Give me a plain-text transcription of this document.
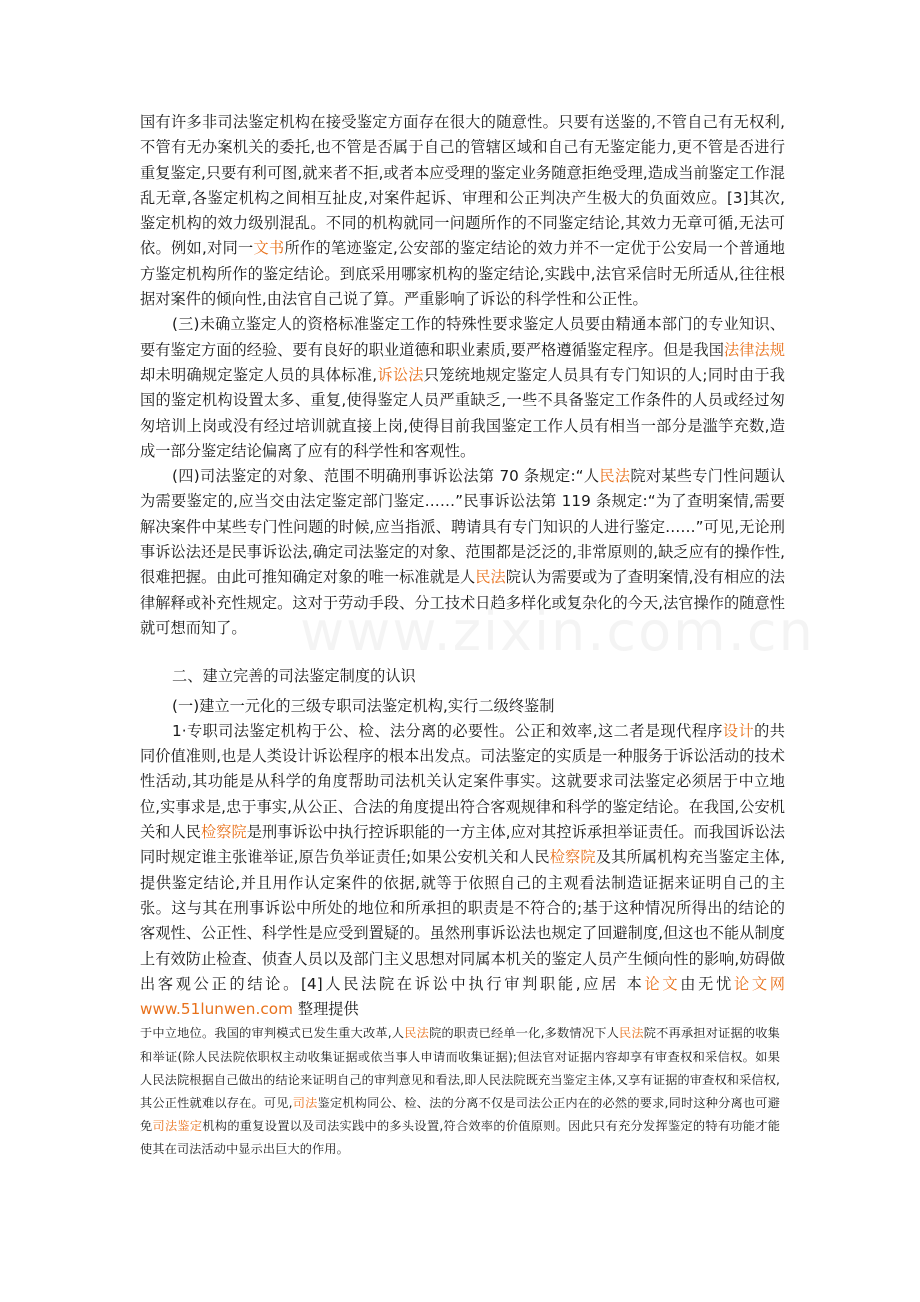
国有许多非司法鉴定机构在接受鉴定方面存在很大的随意性。只要有送鉴的,不管自己有无权利,不管有无办案机关的委托,也不管是否属于自己的管辖区域和自己有无鉴定能力,更不管是否进行重复鉴定,只要有利可图,就来者不拒,或者本应受理的鉴定业务随意拒绝受理,造成当前鉴定工作混乱无章,各鉴定机构之间相互扯皮,对案件起诉、审理和公正判决产生极大的负面效应。[3]其次,鉴定机构的效力级别混乱。不同的机构就同一问题所作的不同鉴定结论,其效力无章可循,无法可依。例如,对同一文书所作的笔迹鉴定,公安部的鉴定结论的效力并不一定优于公安局一个普通地方鉴定机构所作的鉴定结论。到底采用哪家机构的鉴定结论,实践中,法官采信时无所适从,往往根据对案件的倾向性,由法官自己说了算。严重影响了诉讼的科学性和公正性。

(三)未确立鉴定人的资格标准鉴定工作的特殊性要求鉴定人员要由精通本部门的专业知识、要有鉴定方面的经验、要有良好的职业道德和职业素质,要严格遵循鉴定程序。但是我国法律法规却未明确规定鉴定人员的具体标准,诉讼法只笼统地规定鉴定人员具有专门知识的人;同时由于我国的鉴定机构设置太多、重复,使得鉴定人员严重缺乏,一些不具备鉴定工作条件的人员或经过匆匆培训上岗或没有经过培训就直接上岗,使得目前我国鉴定工作人员有相当一部分是滥竽充数,造成一部分鉴定结论偏离了应有的科学性和客观性。

(四)司法鉴定的对象、范围不明确刑事诉讼法第 70 条规定:“人民法院对某些专门性问题认为需要鉴定的,应当交由法定鉴定部门鉴定……”民事诉讼法第 119 条规定:“为了查明案情,需要解决案件中某些专门性问题的时候,应当指派、聘请具有专门知识的人进行鉴定……”可见,无论刑事诉讼法还是民事诉讼法,确定司法鉴定的对象、范围都是泛泛的,非常原则的,缺乏应有的操作性,很难把握。由此可推知确定对象的唯一标准就是人民法院认为需要或为了查明案情,没有相应的法律解释或补充性规定。这对于劳动手段、分工技术日趋多样化或复杂化的今天,法官操作的随意性就可想而知了。

二、建立完善的司法鉴定制度的认识

(一)建立一元化的三级专职司法鉴定机构,实行二级终鉴制

1·专职司法鉴定机构于公、检、法分离的必要性。公正和效率,这二者是现代程序设计的共同价值准则,也是人类设计诉讼程序的根本出发点。司法鉴定的实质是一种服务于诉讼活动的技术性活动,其功能是从科学的角度帮助司法机关认定案件事实。这就要求司法鉴定必须居于中立地位,实事求是,忠于事实,从公正、合法的角度提出符合客观规律和科学的鉴定结论。在我国,公安机关和人民检察院是刑事诉讼中执行控诉职能的一方主体,应对其控诉承担举证责任。而我国诉讼法同时规定谁主张谁举证,原告负举证责任;如果公安机关和人民检察院及其所属机构充当鉴定主体,提供鉴定结论,并且用作认定案件的依据,就等于依照自己的主观看法制造证据来证明自己的主张。这与其在刑事诉讼中所处的地位和所承担的职责是不符合的;基于这种情况所得出的结论的客观性、公正性、科学性是应受到置疑的。虽然刑事诉讼法也规定了回避制度,但这也不能从制度上有效防止检查、侦查人员以及部门主义思想对同属本机关的鉴定人员产生倾向性的影响,妨碍做出客观公正的结论。[4]人民法院在诉讼中执行审判职能,应居 本论文由无忧论文网 www.51lunwen.com 整理提供

于中立地位。我国的审判模式已发生重大改革,人民法院的职责已经单一化,多数情况下人民法院不再承担对证据的收集和举证(除人民法院依职权主动收集证据或依当事人申请而收集证据);但法官对证据内容却享有审查权和采信权。如果人民法院根据自己做出的结论来证明自己的审判意见和看法,即人民法院既充当鉴定主体,又享有证据的审查权和采信权,其公正性就难以存在。可见,司法鉴定机构同公、检、法的分离不仅是司法公正内在的必然的要求,同时这种分离也可避免司法鉴定机构的重复设置以及司法实践中的多头设置,符合效率的价值原则。因此只有充分发挥鉴定的特有功能才能使其在司法活动中显示出巨大的作用。
